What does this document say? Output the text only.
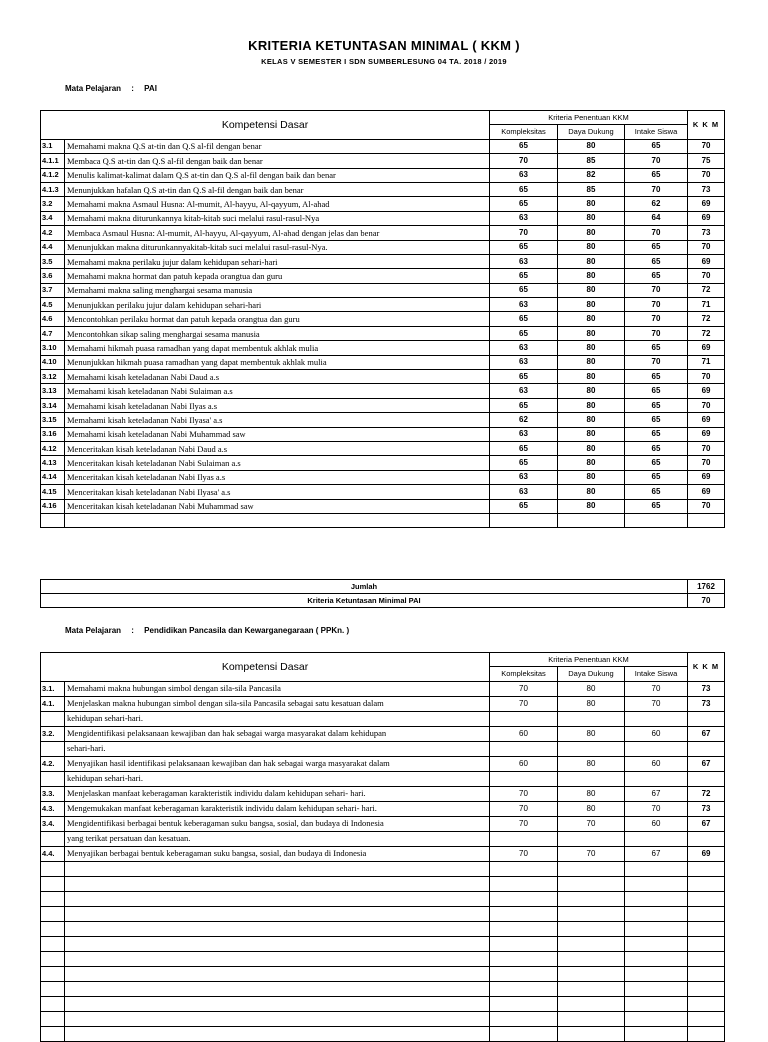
KRITERIA KETUNTASAN MINIMAL ( KKM )
KELAS V SEMESTER I SDN SUMBERLESUNG 04 TA. 2018 / 2019
Mata Pelajaran : PAI
Kompetensi Dasar		Kriteria Penentuan KKM			K K M
		Kompleksitas	Daya Dukung	Intake Siswa	
3.1	Memahami makna Q.S at-tin dan Q.S al-fil dengan benar	65	80	65	70
4.1.1	Membaca Q.S at-tin dan Q.S al-fil dengan baik dan benar	70	85	70	75
4.1.2	Menulis kalimat-kalimat dalam Q.S at-tin dan Q.S al-fil dengan baik dan benar	63	82	65	70
4.1.3	Menunjukkan hafalan Q.S at-tin dan Q.S al-fil dengan baik dan benar	65	85	70	73
3.2	Memahami makna Asmaul Husna: Al-mumit, Al-hayyu, Al-qayyum, Al-ahad	65	80	62	69
3.4	Memahami makna diturunkannya kitab-kitab suci melalui rasul-rasul-Nya	63	80	64	69
4.2	Membaca Asmaul Husna: Al-mumit, Al-hayyu, Al-qayyum, Al-ahad dengan jelas dan benar	70	80	70	73
4.4	Menunjukkan makna diturunkannyakitab-kitab suci melalui rasul-rasul-Nya.	65	80	65	70
3.5	Memahami makna perilaku jujur dalam kehidupan sehari-hari	63	80	65	69
3.6	Memahami makna hormat dan patuh kepada orangtua dan guru	65	80	65	70
3.7	Memahami makna saling menghargai sesama manusia	65	80	70	72
4.5	Menunjukkan perilaku jujur dalam kehidupan sehari-hari	63	80	70	71
4.6	Mencontohkan perilaku hormat dan patuh kepada orangtua dan guru	65	80	70	72
4.7	Mencontohkan sikap saling menghargai sesama manusia	65	80	70	72
3.10	Memahami hikmah puasa ramadhan yang dapat membentuk akhlak mulia	63	80	65	69
4.10	Menunjukkan hikmah puasa ramadhan yang dapat membentuk akhlak mulia	63	80	70	71
3.12	Memahami kisah keteladanan Nabi Daud a.s	65	80	65	70
3.13	Memahami kisah keteladanan Nabi Sulaiman a.s	63	80	65	69
3.14	Memahami kisah keteladanan Nabi Ilyas a.s	65	80	65	70
3.15	Memahami kisah keteladanan Nabi Ilyasa' a.s	62	80	65	69
3.16	Memahami kisah keteladanan Nabi Muhammad saw	63	80	65	69
4.12	Menceritakan kisah keteladanan Nabi Daud a.s	65	80	65	70
4.13	Menceritakan kisah keteladanan Nabi Sulaiman a.s	65	80	65	70
4.14	Menceritakan kisah keteladanan Nabi Ilyas a.s	63	80	65	69
4.15	Menceritakan kisah keteladanan Nabi Ilyasa' a.s	63	80	65	69
4.16	Menceritakan kisah keteladanan Nabi Muhammad saw	65	80	65	70

Jumlah	1762
Kriteria Ketuntasan Minimal PAI	70
Mata Pelajaran : Pendidikan Pancasila dan Kewarganegaraan ( PPKn. )
Kompetensi Dasar		Kriteria Penentuan KKM			K K M
		Kompleksitas	Daya Dukung	Intake Siswa	
3.1.	Memahami makna hubungan simbol dengan sila-sila Pancasila	70	80	70	73
4.1.	Menjelaskan makna hubungan simbol dengan sila-sila Pancasila sebagai satu kesatuan dalam	70	80	70	73
	kehidupan sehari-hari.				
3.2.	Mengidentifikasi pelaksanaan kewajiban dan hak sebagai warga masyarakat dalam kehidupan	60	80	60	67
	sehari-hari.				
4.2.	Menyajikan hasil identifikasi pelaksanaan kewajiban dan hak sebagai warga masyarakat dalam	60	80	60	67
	kehidupan sehari-hari.				
3.3.	Menjelaskan manfaat keberagaman karakteristik individu dalam kehidupan sehari- hari.	70	80	67	72
4.3.	Mengemukakan manfaat keberagaman karakteristik individu dalam kehidupan sehari- hari.	70	80	70	73
3.4.	Mengidentifikasi berbagai bentuk keberagaman suku bangsa, sosial, dan budaya di Indonesia	70	70	60	67
	yang terikat persatuan dan kesatuan.				
4.4.	Menyajikan berbagai bentuk keberagaman suku bangsa, sosial, dan budaya di Indonesia	70	70	67	69
